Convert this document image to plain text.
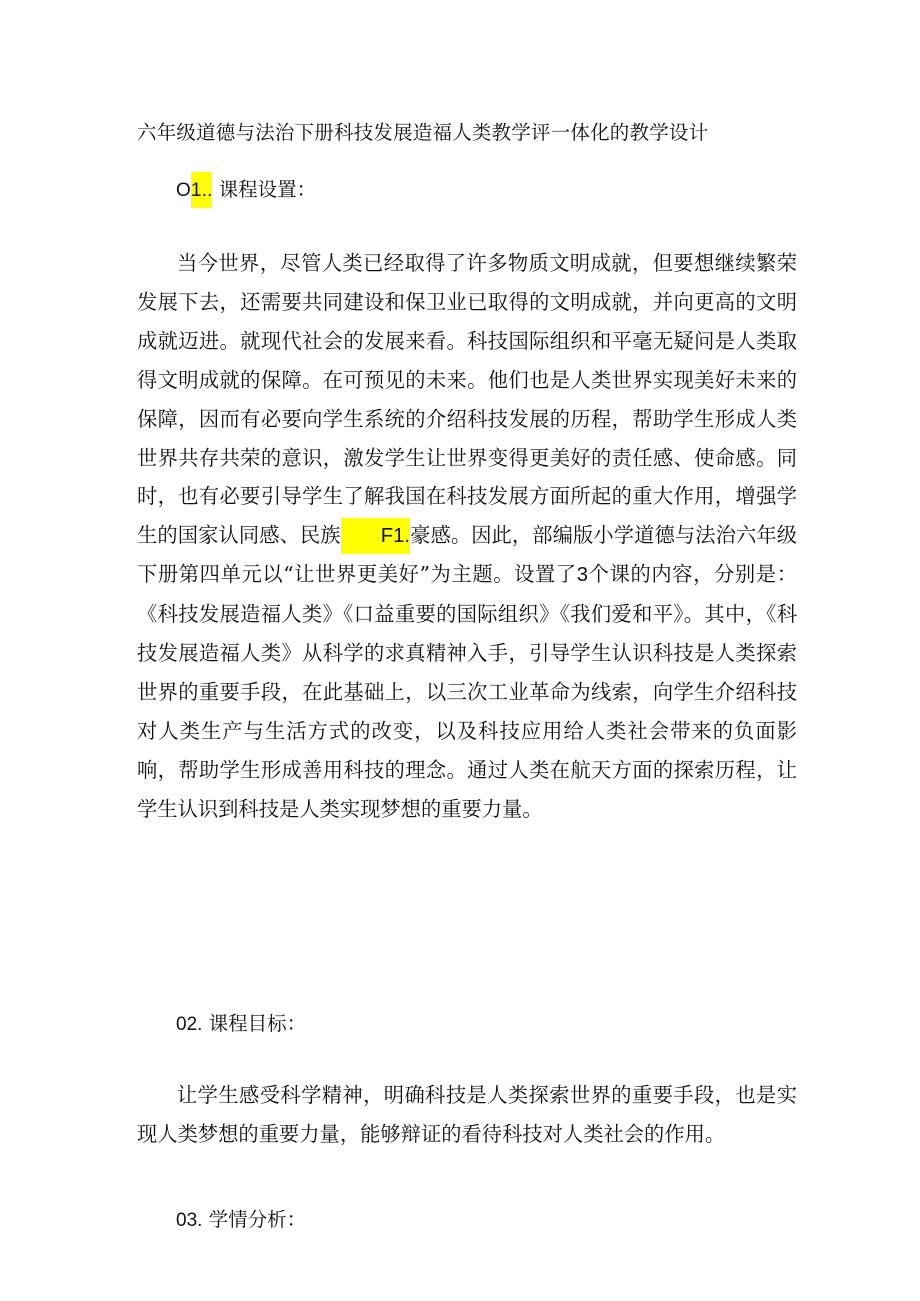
六年级道德与法治下册科技发展造福人类教学评一体化的教学设计
O1.. 课程设置：
当今世界，尽管人类已经取得了许多物质文明成就，但要想继续繁荣发展下去，还需要共同建设和保卫业已取得的文明成就，并向更高的文明成就迈进。就现代社会的发展来看。科技国际组织和平毫无疑问是人类取得文明成就的保障。在可预见的未来。他们也是人类世界实现美好未来的保障，因而有必要向学生系统的介绍科技发展的历程，帮助学生形成人类世界共存共荣的意识，激发学生让世界变得更美好的责任感、使命感。同时，也有必要引导学生了解我国在科技发展方面所起的重大作用，增强学生的国家认同感、民族 F1.豪感。因此，部编版小学道德与法治六年级下册第四单元以“让世界更美好”为主题。设置了3个课的内容，分别是：《科技发展造福人类》《口益重要的国际组织》《我们爱和平》。其中，《科技发展造福人类》从科学的求真精神入手，引导学生认识科技是人类探索世界的重要手段，在此基础上，以三次工业革命为线索，向学生介绍科技对人类生产与生活方式的改变，以及科技应用给人类社会带来的负面影响，帮助学生形成善用科技的理念。通过人类在航天方面的探索历程，让学生认识到科技是人类实现梦想的重要力量。
02. 课程目标：
让学生感受科学精神，明确科技是人类探索世界的重要手段，也是实现人类梦想的重要力量，能够辩证的看待科技对人类社会的作用。
03. 学情分析：
